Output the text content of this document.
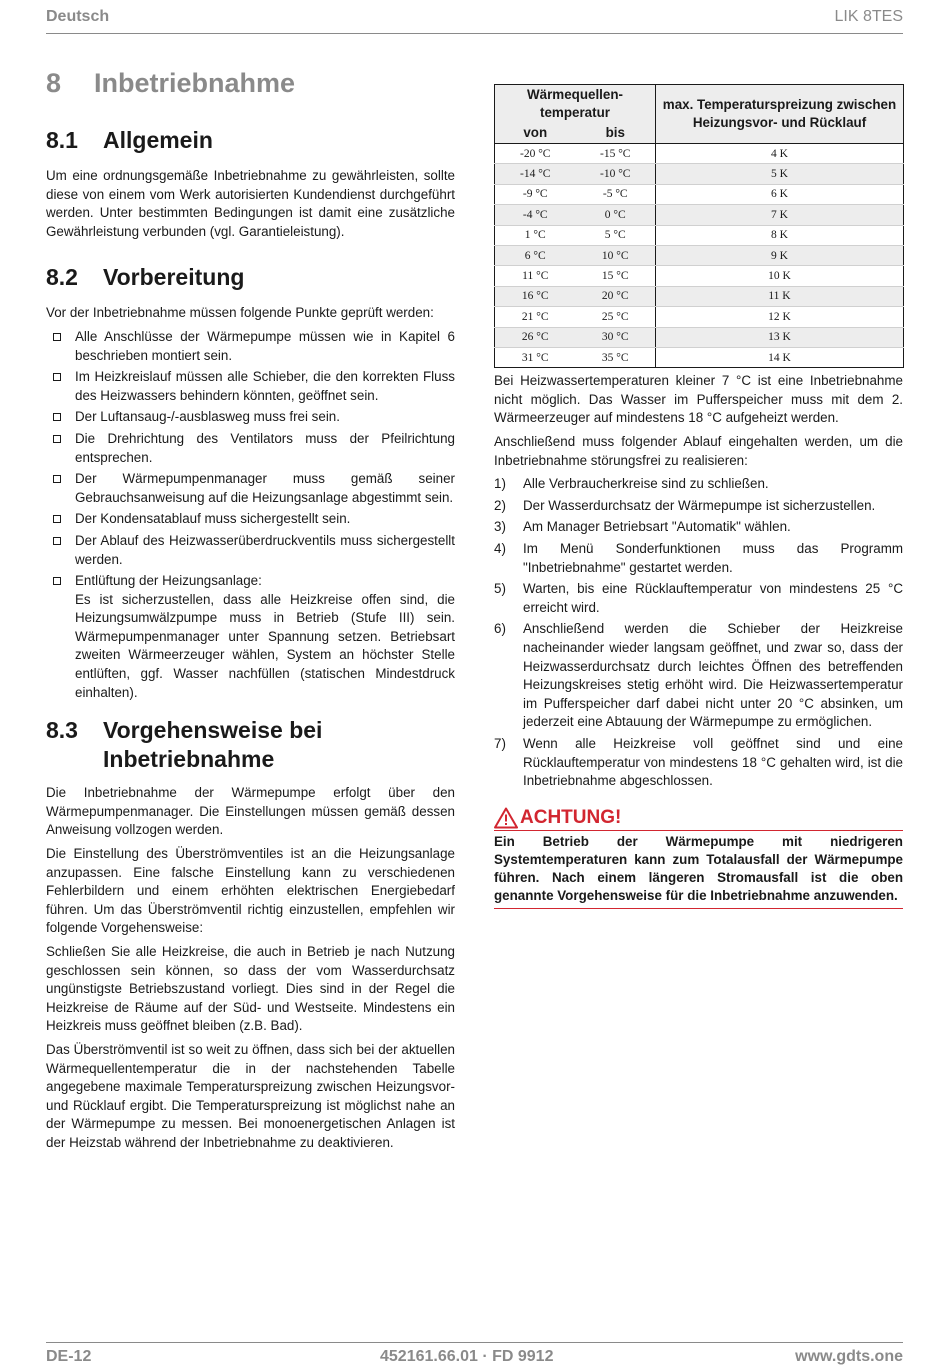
Deutsch	LIK 8TES
8 Inbetriebnahme
8.1	Allgemein

Um eine ordnungsgemäße Inbetriebnahme zu gewährleisten, sollte diese von einem vom Werk autorisierten Kundendienst durchgeführt werden. Unter bestimmten Bedingungen ist damit eine zusätzliche Gewährleistung verbunden (vgl. Garantieleistung).

8.2	Vorbereitung

Vor der Inbetriebnahme müssen folgende Punkte geprüft werden:

Alle Anschlüsse der Wärmepumpe müssen wie in Kapitel 6 beschrieben montiert sein.
Im Heizkreislauf müssen alle Schieber, die den korrekten Fluss des Heizwassers behindern könnten, geöffnet sein.
Der Luftansaug-/-ausblasweg muss frei sein.
Die Drehrichtung des Ventilators muss der Pfeilrichtung entsprechen.
Der Wärmepumpenmanager muss gemäß seiner Gebrauchsanweisung auf die Heizungsanlage abgestimmt sein.
Der Kondensatablauf muss sichergestellt sein.
Der Ablauf des Heizwasserüberdruckventils muss sichergestellt werden.
Entlüftung der Heizungsanlage:
Es ist sicherzustellen, dass alle Heizkreise offen sind, die Heizungsumwälzpumpe muss in Betrieb (Stufe III) sein. Wärmepumpenmanager unter Spannung setzen. Betriebsart zweiten Wärmeerzeuger wählen, System an höchster Stelle entlüften, ggf. Wasser nachfüllen (statischen Mindestdruck einhalten).
8.3	Vorgehensweise bei
Inbetriebnahme

Die Inbetriebnahme der Wärmepumpe erfolgt über den Wärmepumpenmanager. Die Einstellungen müssen gemäß dessen Anweisung vollzogen werden.

Die Einstellung des Überströmventiles ist an die Heizungsanlage anzupassen. Eine falsche Einstellung kann zu verschiedenen Fehlerbildern und einem erhöhten elektrischen Energiebedarf führen. Um das Überströmventil richtig einzustellen, empfehlen wir folgende Vorgehensweise:

Schließen Sie alle Heizkreise, die auch in Betrieb je nach Nutzung geschlossen sein können, so dass der vom Wasserdurchsatz ungünstigste Betriebszustand vorliegt. Dies sind in der Regel die Heizkreise de Räume auf der Süd- und Westseite. Mindestens ein Heizkreis muss geöffnet bleiben (z.B. Bad).

Das Überströmventil ist so weit zu öffnen, dass sich bei der aktuellen Wärmequellentemperatur die in der nachstehenden Tabelle angegebene maximale Temperaturspreizung zwischen Heizungsvor- und Rücklauf ergibt. Die Temperaturspreizung ist möglichst nahe an der Wärmepumpe zu messen. Bei monoenergetischen Anlagen ist der Heizstab während der Inbetriebnahme zu deaktivieren.

Wärmequellen-temperatur		max. Temperaturspreizung zwischen Heizungsvor- und Rücklauf
von	bis	
-20 °C	-15 °C	4 K
-14 °C	-10 °C	5 K
-9 °C	-5 °C	6 K
-4 °C	0 °C	7 K
1 °C	5 °C	8 K
6 °C	10 °C	9 K
11 °C	15 °C	10 K
16 °C	20 °C	11 K
21 °C	25 °C	12 K
26 °C	30 °C	13 K
31 °C	35 °C	14 K

Bei Heizwassertemperaturen kleiner 7 °C ist eine Inbetriebnahme nicht möglich. Das Wasser im Pufferspeicher muss mit dem 2. Wärmeerzeuger auf mindestens 18 °C aufgeheizt werden.

Anschließend muss folgender Ablauf eingehalten werden, um die Inbetriebnahme störungsfrei zu realisieren:

1) Alle Verbraucherkreise sind zu schließen.
2) Der Wasserdurchsatz der Wärmepumpe ist sicherzustellen.
3) Am Manager Betriebsart "Automatik" wählen.
4) Im Menü Sonderfunktionen muss das Programm "Inbetriebnahme" gestartet werden.
5) Warten, bis eine Rücklauftemperatur von mindestens 25 °C erreicht wird.
6) Anschließend werden die Schieber der Heizkreise nacheinander wieder langsam geöffnet, und zwar so, dass der Heizwasserdurchsatz durch leichtes Öffnen des betreffenden Heizungskreises stetig erhöht wird. Die Heizwassertemperatur im Pufferspeicher darf dabei nicht unter 20 °C absinken, um jederzeit eine Abtauung der Wärmepumpe zu ermöglichen.
7) Wenn alle Heizkreise voll geöffnet sind und eine Rücklauftemperatur von mindestens 18 °C gehalten wird, ist die Inbetriebnahme abgeschlossen.
ACHTUNG!
Ein Betrieb der Wärmepumpe mit niedrigeren Systemtemperaturen kann zum Totalausfall der Wärmepumpe führen. Nach einem längeren Stromausfall ist die oben genannte Vorgehensweise für die Inbetriebnahme anzuwenden.
DE-12	452161.66.01 · FD 9912	www.gdts.one
